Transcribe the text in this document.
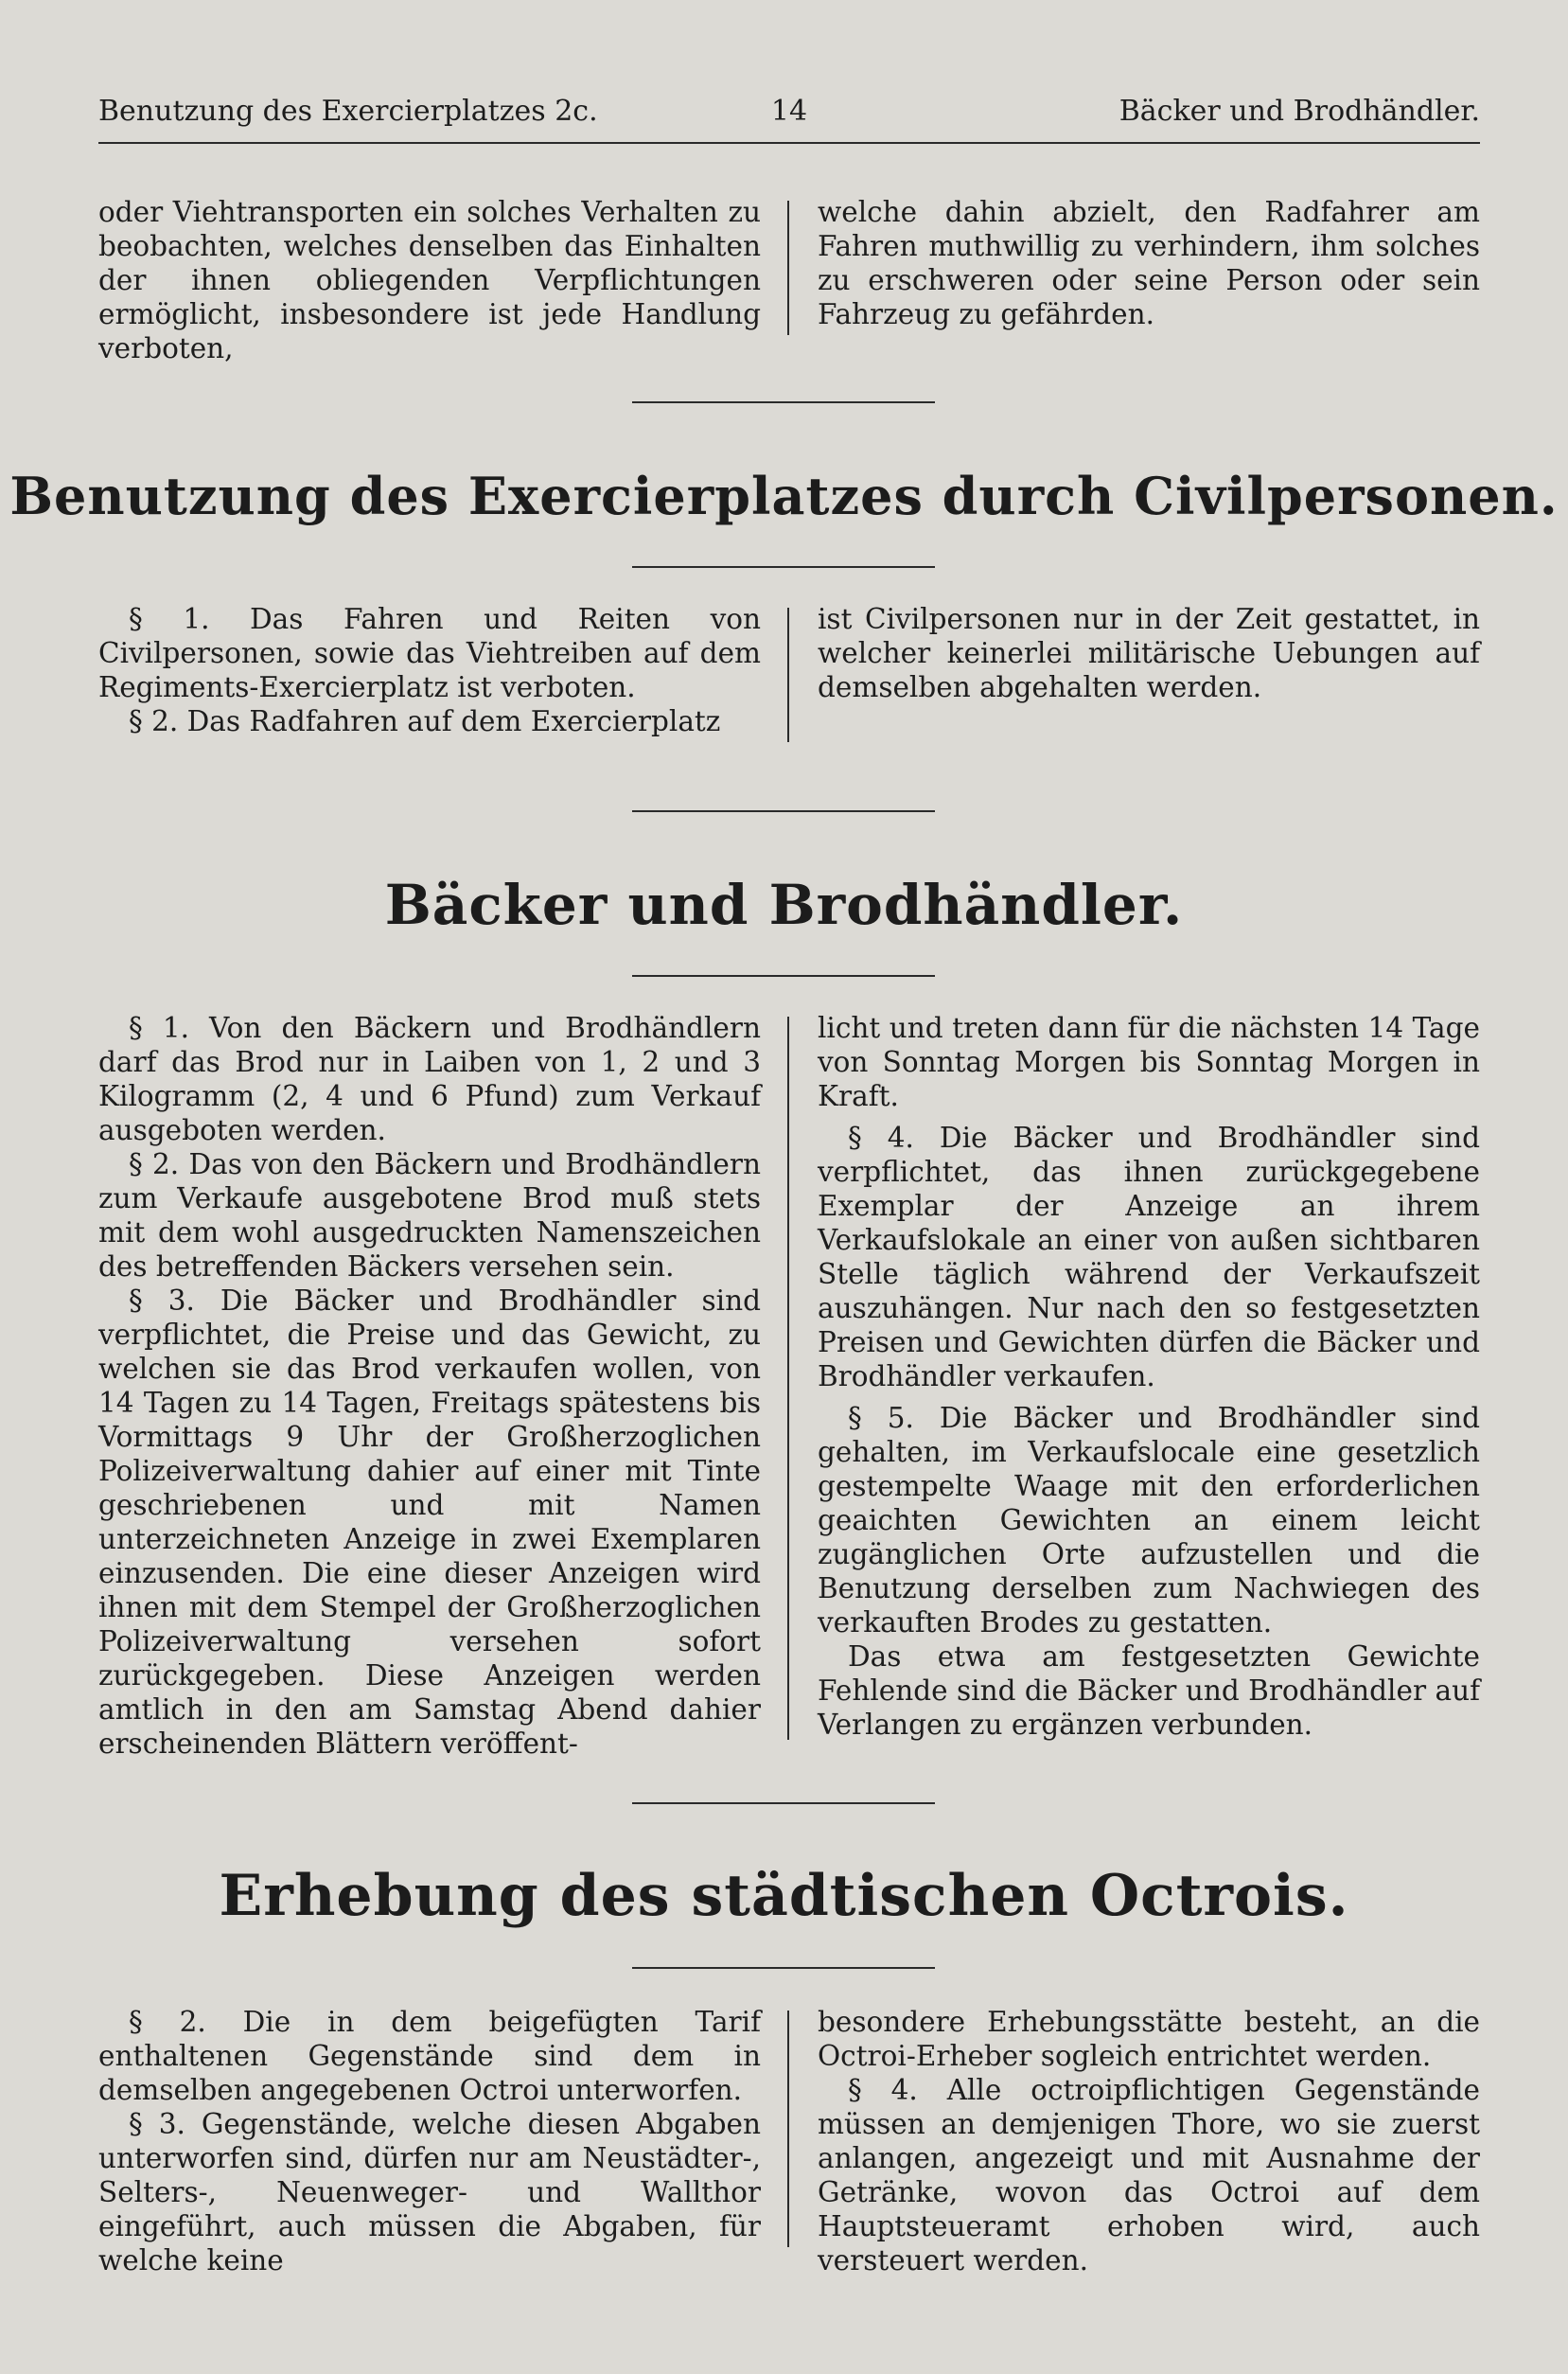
Benutzung des Exercierplatzes 2c.	14	Bäcker und Brodhändler.

oder Viehtransporten ein solches Verhalten zu beobachten, welches denselben das Einhalten der ihnen obliegenden Verpflichtungen ermöglicht, insbesondere ist jede Handlung verboten,

welche dahin abzielt, den Radfahrer am Fahren muthwillig zu verhindern, ihm solches zu erschweren oder seine Person oder sein Fahrzeug zu gefährden.

Benutzung des Exercierplatzes durch Civilpersonen.

§ 1. Das Fahren und Reiten von Civilpersonen, sowie das Viehtreiben auf dem Regiments-Exercierplatz ist verboten.

§ 2. Das Radfahren auf dem Exercierplatz

ist Civilpersonen nur in der Zeit gestattet, in welcher keinerlei militärische Uebungen auf demselben abgehalten werden.

Bäcker und Brodhändler.

§ 1. Von den Bäckern und Brodhändlern darf das Brod nur in Laiben von 1, 2 und 3 Kilogramm (2, 4 und 6 Pfund) zum Verkauf ausgeboten werden.

§ 2. Das von den Bäckern und Brodhändlern zum Verkaufe ausgebotene Brod muß stets mit dem wohl ausgedruckten Namenszeichen des betreffenden Bäckers versehen sein.

§ 3. Die Bäcker und Brodhändler sind verpflichtet, die Preise und das Gewicht, zu welchen sie das Brod verkaufen wollen, von 14 Tagen zu 14 Tagen, Freitags spätestens bis Vormittags 9 Uhr der Großherzoglichen Polizeiverwaltung dahier auf einer mit Tinte geschriebenen und mit Namen unterzeichneten Anzeige in zwei Exemplaren einzusenden. Die eine dieser Anzeigen wird ihnen mit dem Stempel der Großherzoglichen Polizeiverwaltung versehen sofort zurückgegeben. Diese Anzeigen werden amtlich in den am Samstag Abend dahier erscheinenden Blättern veröffent-

licht und treten dann für die nächsten 14 Tage von Sonntag Morgen bis Sonntag Morgen in Kraft.

§ 4. Die Bäcker und Brodhändler sind verpflichtet, das ihnen zurückgegebene Exemplar der Anzeige an ihrem Verkaufslokale an einer von außen sichtbaren Stelle täglich während der Verkaufszeit auszuhängen. Nur nach den so festgesetzten Preisen und Gewichten dürfen die Bäcker und Brodhändler verkaufen.

§ 5. Die Bäcker und Brodhändler sind gehalten, im Verkaufslocale eine gesetzlich gestempelte Waage mit den erforderlichen geaichten Gewichten an einem leicht zugänglichen Orte aufzustellen und die Benutzung derselben zum Nachwiegen des verkauften Brodes zu gestatten.

Das etwa am festgesetzten Gewichte Fehlende sind die Bäcker und Brodhändler auf Verlangen zu ergänzen verbunden.

Erhebung des städtischen Octrois.

§ 2. Die in dem beigefügten Tarif enthaltenen Gegenstände sind dem in demselben angegebenen Octroi unterworfen.

§ 3. Gegenstände, welche diesen Abgaben unterworfen sind, dürfen nur am Neustädter-, Selters-, Neuenweger- und Wallthor eingeführt, auch müssen die Abgaben, für welche keine

besondere Erhebungsstätte besteht, an die Octroi-Erheber sogleich entrichtet werden.

§ 4. Alle octroipflichtigen Gegenstände müssen an demjenigen Thore, wo sie zuerst anlangen, angezeigt und mit Ausnahme der Getränke, wovon das Octroi auf dem Hauptsteueramt erhoben wird, auch versteuert werden.
